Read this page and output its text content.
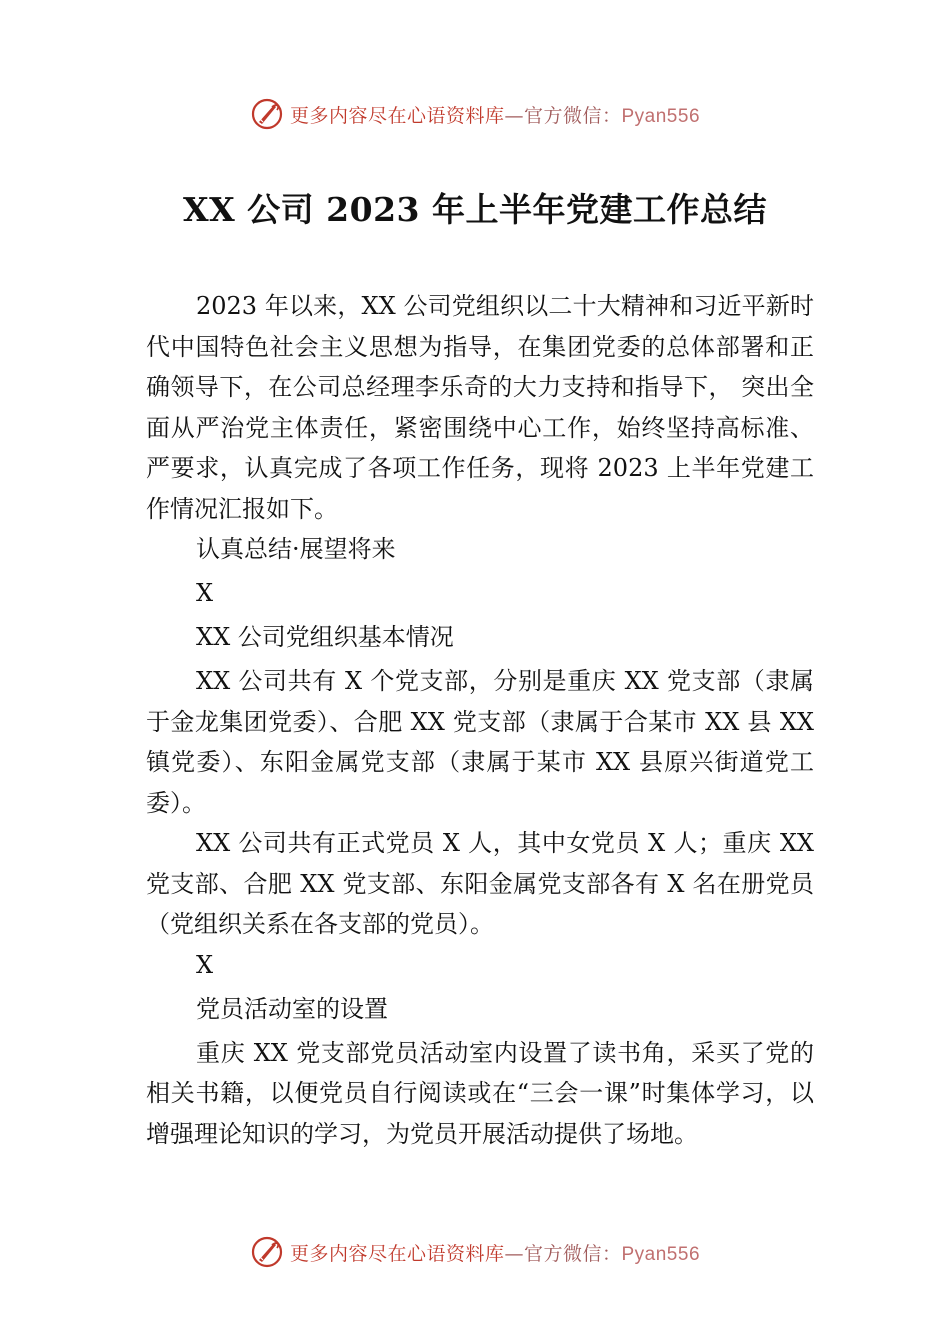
更多内容尽在心语资料库—官方微信：Pyan556
XX 公司 2023 年上半年党建工作总结

2023 年以来，XX 公司党组织以二十大精神和习近平新时代中国特色社会主义思想为指导，在集团党委的总体部署和正确领导下，在公司总经理李乐奇的大力支持和指导下， 突出全面从严治党主体责任，紧密围绕中心工作，始终坚持高标准、严要求，认真完成了各项工作任务，现将 2023 上半年党建工作情况汇报如下。

认真总结·展望将来

X

XX 公司党组织基本情况

XX 公司共有 X 个党支部，分别是重庆 XX 党支部（隶属于金龙集团党委）、合肥 XX 党支部（隶属于合某市 XX 县 XX 镇党委）、东阳金属党支部（隶属于某市 XX 县原兴街道党工委）。

XX 公司共有正式党员 X 人，其中女党员 X 人；重庆 XX 党支部、合肥 XX 党支部、东阳金属党支部各有 X 名在册党员（党组织关系在各支部的党员）。

X

党员活动室的设置

重庆 XX 党支部党员活动室内设置了读书角，采买了党的相关书籍，以便党员自行阅读或在“三会一课”时集体学习，以增强理论知识的学习，为党员开展活动提供了场地。

更多内容尽在心语资料库—官方微信：Pyan556
